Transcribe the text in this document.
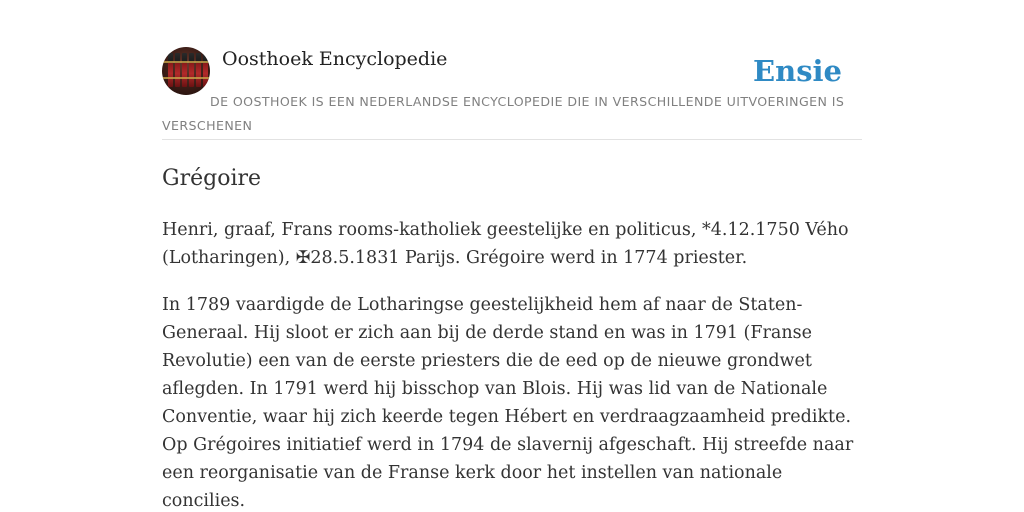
Oosthoek Encyclopedie	Ensie

DE OOSTHOEK IS EEN NEDERLANDSE ENCYCLOPEDIE DIE IN VERSCHILLENDE UITVOERINGEN IS VERSCHENEN

Grégoire

Henri, graaf, Frans rooms-katholiek geestelijke en politicus, *4.12.1750 Vého (Lotharingen), ✠28.5.1831 Parijs. Grégoire werd in 1774 priester.

In 1789 vaardigde de Lotharingse geestelijkheid hem af naar de Staten-Generaal. Hij sloot er zich aan bij de derde stand en was in 1791 (Franse Revolutie) een van de eerste priesters die de eed op de nieuwe grondwet aflegden. In 1791 werd hij bisschop van Blois. Hij was lid van de Nationale Conventie, waar hij zich keerde tegen Hébert en verdraagzaamheid predikte. Op Grégoires initiatief werd in 1794 de slavernij afgeschaft. Hij streefde naar een reorganisatie van de Franse kerk door het instellen van nationale concilies.
